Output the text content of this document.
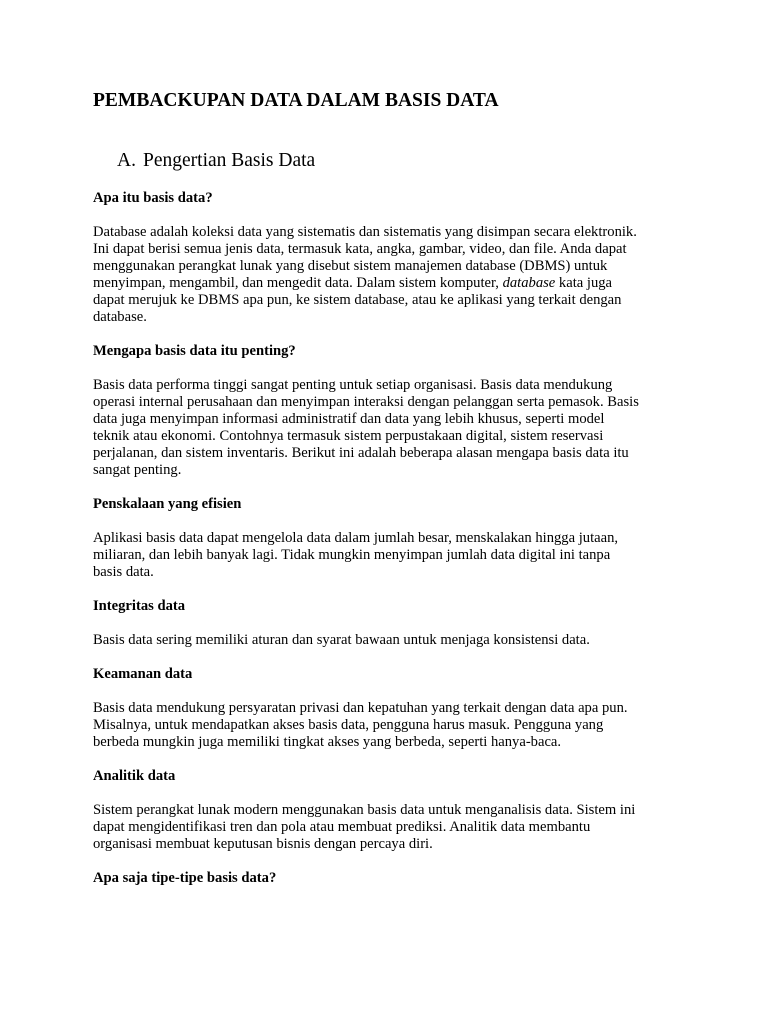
PEMBACKUPAN DATA DALAM BASIS DATA
A. Pengertian Basis Data

Apa itu basis data?

Database adalah koleksi data yang sistematis dan sistematis yang disimpan secara elektronik.
Ini dapat berisi semua jenis data, termasuk kata, angka, gambar, video, dan file. Anda dapat
menggunakan perangkat lunak yang disebut sistem manajemen database (DBMS) untuk
menyimpan, mengambil, dan mengedit data. Dalam sistem komputer, database kata juga
dapat merujuk ke DBMS apa pun, ke sistem database, atau ke aplikasi yang terkait dengan
database.

Mengapa basis data itu penting?

Basis data performa tinggi sangat penting untuk setiap organisasi. Basis data mendukung
operasi internal perusahaan dan menyimpan interaksi dengan pelanggan serta pemasok. Basis
data juga menyimpan informasi administratif dan data yang lebih khusus, seperti model
teknik atau ekonomi. Contohnya termasuk sistem perpustakaan digital, sistem reservasi
perjalanan, dan sistem inventaris. Berikut ini adalah beberapa alasan mengapa basis data itu
sangat penting.

Penskalaan yang efisien

Aplikasi basis data dapat mengelola data dalam jumlah besar, menskalakan hingga jutaan,
miliaran, dan lebih banyak lagi. Tidak mungkin menyimpan jumlah data digital ini tanpa
basis data.

Integritas data

Basis data sering memiliki aturan dan syarat bawaan untuk menjaga konsistensi data.

Keamanan data

Basis data mendukung persyaratan privasi dan kepatuhan yang terkait dengan data apa pun.
Misalnya, untuk mendapatkan akses basis data, pengguna harus masuk. Pengguna yang
berbeda mungkin juga memiliki tingkat akses yang berbeda, seperti hanya-baca.

Analitik data

Sistem perangkat lunak modern menggunakan basis data untuk menganalisis data. Sistem ini
dapat mengidentifikasi tren dan pola atau membuat prediksi. Analitik data membantu
organisasi membuat keputusan bisnis dengan percaya diri.

Apa saja tipe-tipe basis data?
